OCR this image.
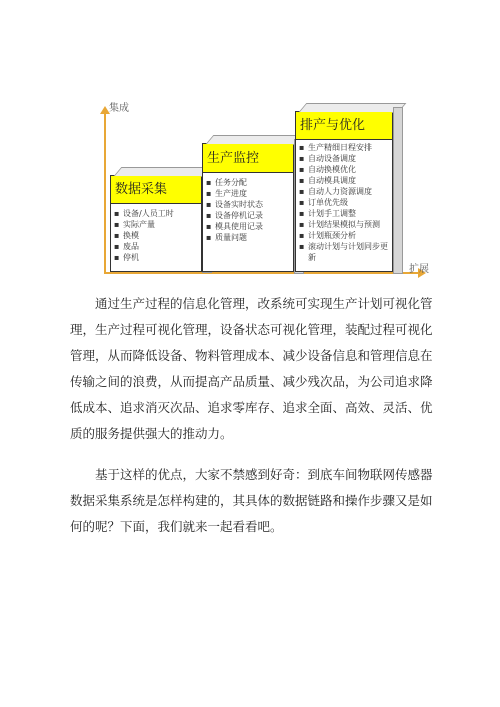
集成
扩展
数据采集
▪ 设备/人员工时
▪ 实际产量
▪ 换模
▪ 废品
▪ 停机
生产监控
▪ 任务分配
▪ 生产进度
▪ 设备实时状态
▪ 设备停机记录
▪ 模具使用记录
▪ 质量问题
排产与优化
▪ 生产精细日程安排
▪ 自动设备调度
▪ 自动换模优化
▪ 自动模具调度
▪ 自动人力资源调度
▪ 订单优先级
▪ 计划手工调整
▪ 计划结果模拟与预测
▪ 计划瓶颈分析
▪ 滚动计划与计划同步更新

通过生产过程的信息化管理，改系统可实现生产计划可视化管理，生产过程可视化管理，设备状态可视化管理，装配过程可视化管理，从而降低设备、物料管理成本、减少设备信息和管理信息在传输之间的浪费，从而提高产品质量、减少残次品，为公司追求降低成本、追求消灭次品、追求零库存、追求全面、高效、灵活、优质的服务提供强大的推动力。

基于这样的优点，大家不禁感到好奇：到底车间物联网传感器数据采集系统是怎样构建的，其具体的数据链路和操作步骤又是如何的呢？下面，我们就来一起看看吧。
